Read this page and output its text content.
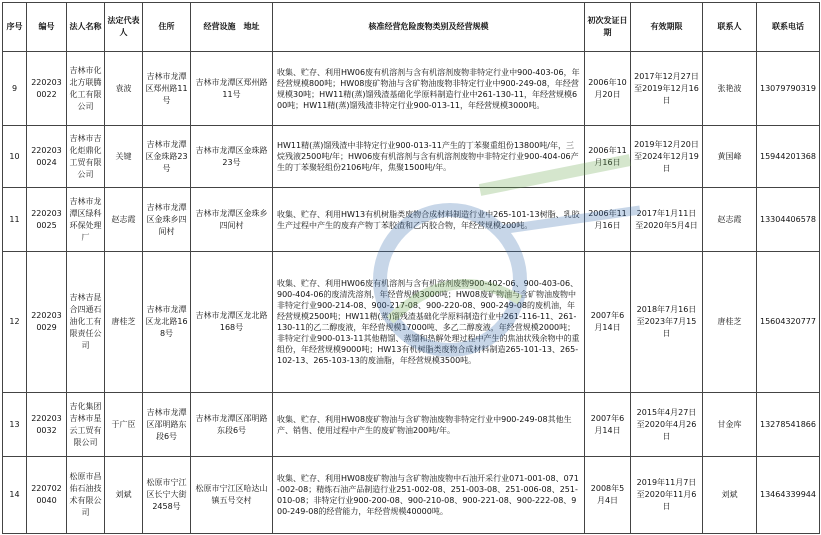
序号	编号	法人名称	法定代表人	住所	经营设施　地址	核准经营危险废物类别及经营规模	初次发证日期	有效期限	联系人	联系电话
9	220203 0022	吉林市化北方联腾化工有限公司	袁波	吉林市龙潭区郑州路11号	吉林市龙潭区郑州路11号	收集、贮存、利用HW06废有机溶剂与含有机溶剂废物非特定行业中900-403-06，年经营规模800吨；HW08废矿物油与含矿物油废物非特定行业中900-249-08，年经营规模30吨；HW11精(蒸)馏残渣基础化学原料制造行业中261-130-11，年经营规模600吨；HW11精(蒸)馏残渣非特定行业900-013-11，年经营规模3000吨。	2006年10月20日	2017年12月27日至2019年12月16日	张艳波	13079790319
10	220203 0024	吉林市吉化炬鼎化工贸有限公司	关键	吉林市龙潭区金珠路23号	吉林市龙潭区金珠路23号	HW11精(蒸)馏残渣中非特定行业900-013-11产生的丁苯聚重组份13800吨/年，三烷残液2500吨/年；HW06废有机溶剂与含有机溶剂废物中非特定行业900-404-06产生的丁苯聚轻组份2106吨/年，焦聚1500吨/年。	2006年11月16日	2019年12月20日至2024年12月19日	黄国峰	15944201368
11	220203 0025	吉林市龙潭区绿科环保处理厂	赵志霞	吉林市龙潭区金珠乡四间村	吉林市龙潭区金珠乡四间村	收集、贮存、利用HW13有机树脂类废物合成材料制造行业中265-101-13树脂、乳胶生产过程中产生的废弃产物丁苯胶渣和乙丙胶合物，年经营规模200吨。	2006年11月16日	2017年1月11日至2020年5月4日	赵志霞	13304406578
12	220203 0029	吉林吉昆合四通石油化工有限责任公司	唐桂芝	吉林市龙潭区龙北路168号	吉林市龙潭区龙北路168号	收集、贮存、利用HW06废有机溶剂与含有机溶剂废物900-402-06、900-403-06、900-404-06的废清洗溶剂，年经营规模3000吨；HW08废矿物油与含矿物油废物中非特定行业900-214-08、900-217-08、900-220-08、900-249-08的废机油，年经营规模2500吨；HW11精(蒸)馏残渣基础化学原料制造行业中261-116-11、261-130-11的乙二醇废液，年经营规模17000吨、多乙二醇废液，年经营规模2000吨；非特定行业900-013-11其他精馏、蒸馏和热解处理过程中产生的焦油状残余物中的重组份，年经营规模9000吨；HW13有机树脂类废物合成材料制造265-101-13、265-102-13、265-103-13的废油脂，年经营规模3500吨。	2007年6月14日	2018年7月16日至2023年7月15日	唐桂芝	15604320777
13	220203 0032	吉化集团吉林市星云工贸有限公司	于广臣	吉林市龙潭区邵明路东段6号	吉林市龙潭区邵明路东段6号	收集、贮存、利用HW08废矿物油与含矿物油废物非特定行业中900-249-08其他生产、销售、使用过程中产生的废矿物油200吨/年。	2007年6月14日	2015年4月27日至2020年4月26日	甘金库	13278541866
14	220702 0040	松原市昌佑石油技术有限公司	刘斌	松原市宁江区长宁大街2458号	松原市宁江区哈达山镇五号交村	收集、贮存、利用HW08废矿物油与含矿物油废物中石油开采行业071-001-08、071-002-08；精炼石油产品制造行业251-002-08、251-003-08、251-006-08、251-010-08；非特定行业900-200-08、900-210-08、900-221-08、900-222-08、900-249-08的经营能力，年经营规模40000吨。	2008年5月4日	2019年11月7日至2020年11月6日	刘斌	13464339944
